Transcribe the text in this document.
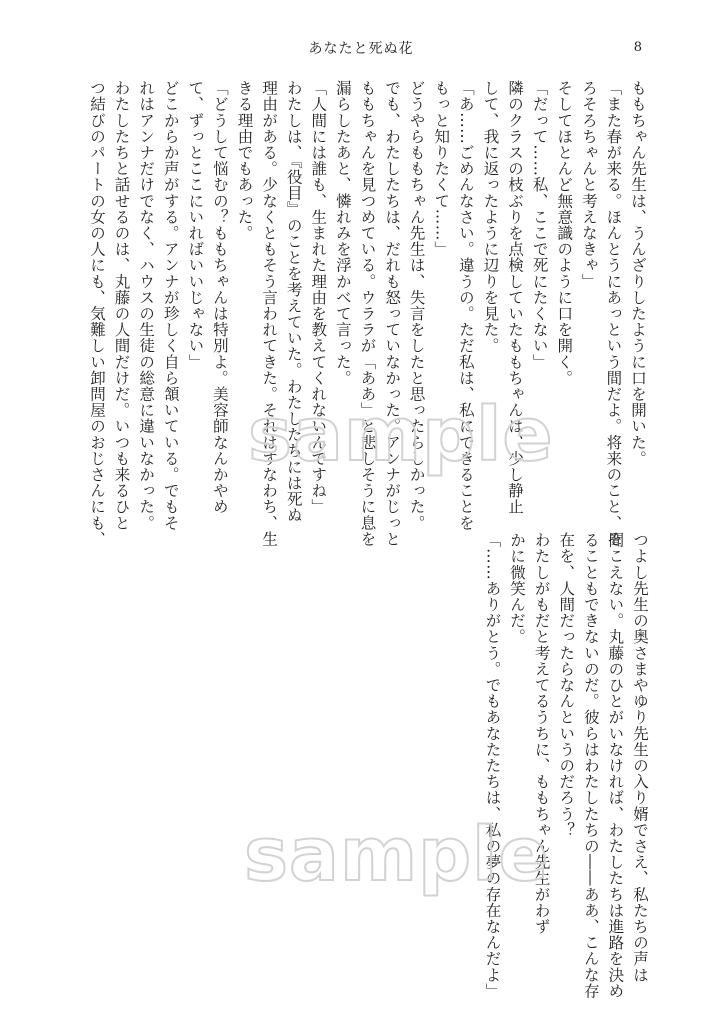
あなたと死ぬ花	8
ももちゃん先生は、うんざりしたように口を開いた。
「また春が来る。ほんとうにあっという間だよ。将来のこと、そ
ろそろちゃんと考えなきゃ」
そしてほとんど無意識のように口を開く。
「だって……私、ここで死にたくない」
隣のクラスの枝ぶりを点検していたももちゃんは、少し静止
して、我に返ったように辺りを見た。
「あ……ごめんなさい。違うの。ただ私は、私にできることを
もっと知りたくて……」
どうやらももちゃん先生は、失言をしたと思ったらしかった。
でも、わたしたちは、だれも怒っていなかった。アンナがじっと
ももちゃんを見つめている。ウララが「ああ」と悲しそうに息を
漏らしたあと、憐れみを浮かべて言った。
「人間には誰も、生まれた理由を教えてくれないんですね」
わたしは、『役目』のことを考えていた。わたしたちには死ぬ
理由がある。少なくともそう言われてきた。それはすなわち、生
きる理由でもあった。
「どうして悩むの？ももちゃんは特別よ。美容師なんかやめ
て、ずっとここにいればいいじゃない」
どこからか声がする。アンナが珍しく自ら頷いている。でもそ
れはアンナだけでなく、ハウスの生徒の総意に違いなかった。
わたしたちと話せるのは、丸藤の人間だけだ。いつも来るひと
つ結びのパートの女の人にも、気難しい卸問屋のおじさんにも、
つよし先生の奥さまやゆり先生の入り婿でさえ、私たちの声は
聞こえない。丸藤のひとがいなければ、わたしたちは進路を決め
ることもできないのだ。彼らはわたしたちの――ああ、こんな存
在を、人間だったらなんというのだろう？
わたしがもだと考えてるうちに、ももちゃん先生がわず
かに微笑んだ。
「……ありがとう。でもあなたたちは、私の夢の存在なんだよ」
sample
sample
